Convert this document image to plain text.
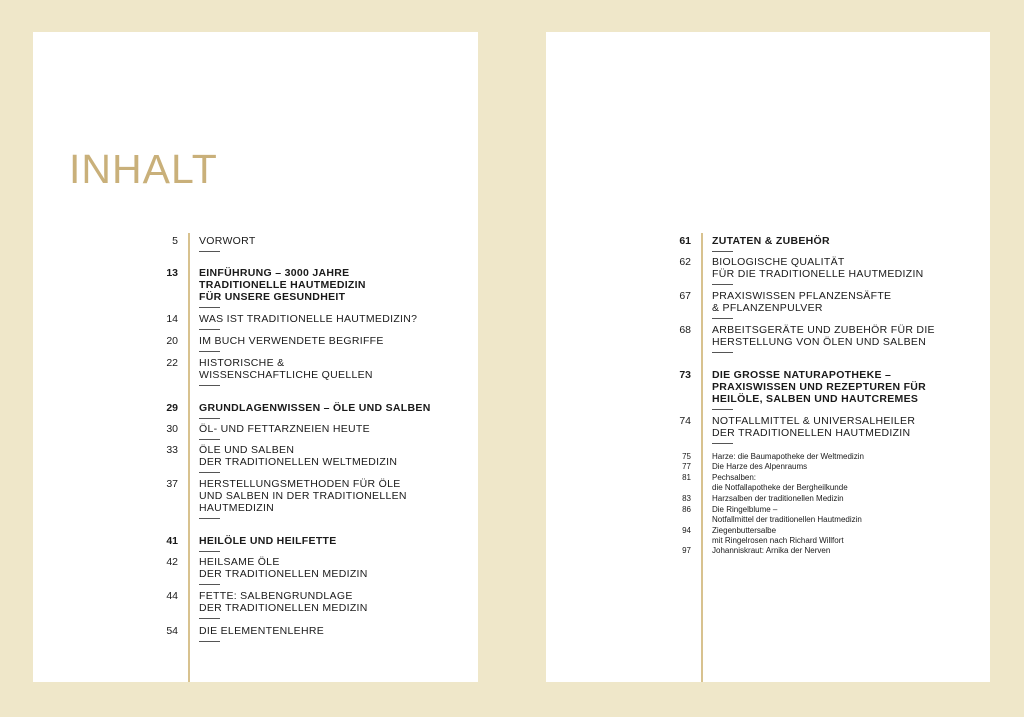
INHALT
5 VORWORT
13 EINFÜHRUNG – 3000 JAHRE
TRADITIONELLE HAUTMEDIZIN
FÜR UNSERE GESUNDHEIT
14 WAS IST TRADITIONELLE HAUTMEDIZIN?
20 IM BUCH VERWENDETE BEGRIFFE
22 HISTORISCHE &
WISSENSCHAFTLICHE QUELLEN
29 GRUNDLAGENWISSEN – ÖLE UND SALBEN
30 ÖL- UND FETTARZNEIEN HEUTE
33 ÖLE UND SALBEN
DER TRADITIONELLEN WELTMEDIZIN
37 HERSTELLUNGSMETHODEN FÜR ÖLE
UND SALBEN IN DER TRADITIONELLEN
HAUTMEDIZIN
41 HEILÖLE UND HEILFETTE
42 HEILSAME ÖLE
DER TRADITIONELLEN MEDIZIN
44 FETTE: SALBENGRUNDLAGE
DER TRADITIONELLEN MEDIZIN
54 DIE ELEMENTENLEHRE
61 ZUTATEN & ZUBEHÖR
62 BIOLOGISCHE QUALITÄT
FÜR DIE TRADITIONELLE HAUTMEDIZIN
67 PRAXISWISSEN PFLANZENSÄFTE
& PFLANZENPULVER
68 ARBEITSGERÄTE UND ZUBEHÖR FÜR DIE
HERSTELLUNG VON ÖLEN UND SALBEN
73 DIE GROSSE NATURAPOTHEKE –
PRAXISWISSEN UND REZEPTUREN FÜR
HEILÖLE, SALBEN UND HAUTCREMES
74 NOTFALLMITTEL & UNIVERSALHEILER
DER TRADITIONELLEN HAUTMEDIZIN
75	Harze: die Baumapotheke der Weltmedizin
77	Die Harze des Alpenraums
81	Pechsalben:
die Notfallapotheke der Bergheilkunde
83	Harzsalben der traditionellen Medizin
86	Die Ringelblume –
Notfallmittel der traditionellen Hautmedizin
94	Ziegenbuttersalbe
mit Ringelrosen nach Richard Willfort
97	Johanniskraut: Arnika der Nerven
